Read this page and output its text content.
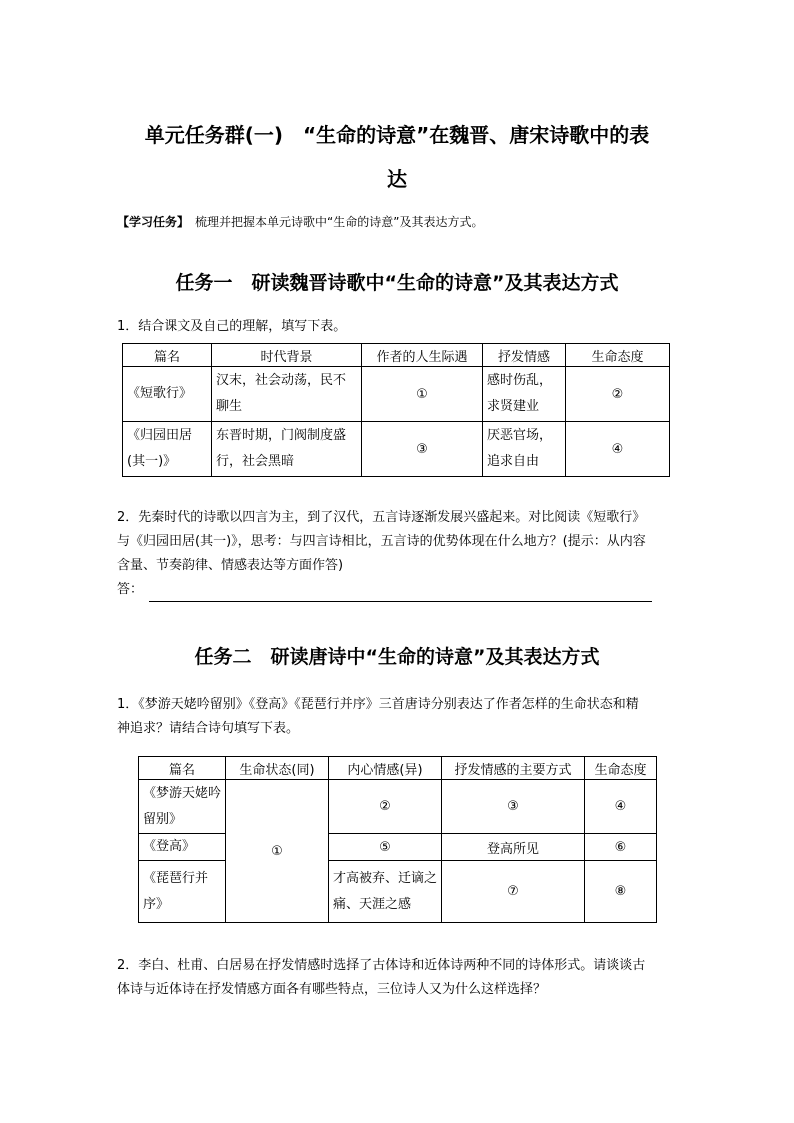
单元任务群(一)　“生命的诗意”在魏晋、唐宋诗歌中的表
达
【学习任务】 梳理并把握本单元诗歌中“生命的诗意”及其表达方式。
任务一　研读魏晋诗歌中“生命的诗意”及其表达方式
1．结合课文及自己的理解，填写下表。
篇名	时代背景	作者的人生际遇	抒发情感	生命态度
《短歌行》	汉末，社会动荡，民不聊生	①	感时伤乱，求贤建业	②
《归园田居(其一)》	东晋时期，门阀制度盛行，社会黑暗	③	厌恶官场，追求自由	④
2．先秦时代的诗歌以四言为主，到了汉代，五言诗逐渐发展兴盛起来。对比阅读《短歌行》
与《归园田居(其一)》，思考：与四言诗相比，五言诗的优势体现在什么地方？(提示：从内容
含量、节奏韵律、情感表达等方面作答)
答：
任务二　研读唐诗中“生命的诗意”及其表达方式
1．《梦游天姥吟留别》《登高》《琵琶行并序》三首唐诗分别表达了作者怎样的生命状态和精
神追求？请结合诗句填写下表。
篇名	生命状态(同)	内心情感(异)	抒发情感的主要方式	生命态度
《梦游天姥吟留别》	①	②	③	④
《登高》		⑤	登高所见	⑥
《琵琶行并序》		才高被弃、迁谪之痛、天涯之感	⑦	⑧
2．李白、杜甫、白居易在抒发情感时选择了古体诗和近体诗两种不同的诗体形式。请谈谈古
体诗与近体诗在抒发情感方面各有哪些特点，三位诗人又为什么这样选择？
